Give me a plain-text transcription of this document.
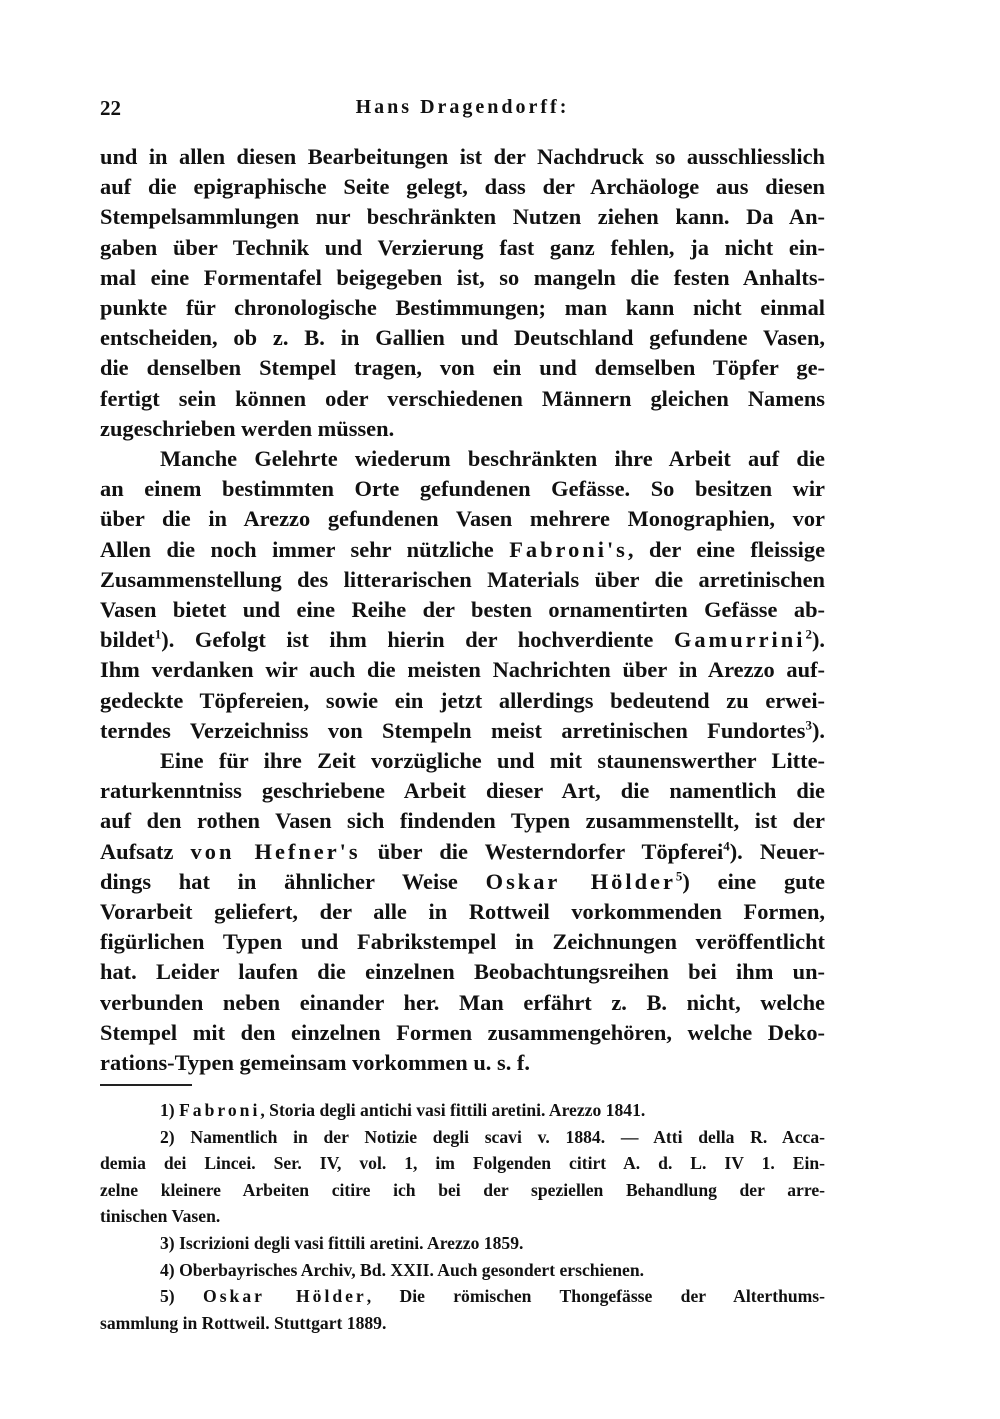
22	Hans Dragendorff:
und in allen diesen Bearbeitungen ist der Nachdruck so ausschliesslich
auf die epigraphische Seite gelegt, dass der Archäologe aus diesen
Stempelsammlungen nur beschränkten Nutzen ziehen kann. Da An-
gaben über Technik und Verzierung fast ganz fehlen, ja nicht ein-
mal eine Formentafel beigegeben ist, so mangeln die festen Anhalts-
punkte für chronologische Bestimmungen; man kann nicht einmal
entscheiden, ob z. B. in Gallien und Deutschland gefundene Vasen,
die denselben Stempel tragen, von ein und demselben Töpfer ge-
fertigt sein können oder verschiedenen Männern gleichen Namens
zugeschrieben werden müssen.
Manche Gelehrte wiederum beschränkten ihre Arbeit auf die
an einem bestimmten Orte gefundenen Gefässe. So besitzen wir
über die in Arezzo gefundenen Vasen mehrere Monographien, vor
Allen die noch immer sehr nützliche Fabroni's, der eine fleissige
Zusammenstellung des litterarischen Materials über die arretinischen
Vasen bietet und eine Reihe der besten ornamentirten Gefässe ab-
bildet$^1$). Gefolgt ist ihm hierin der hochverdiente Gamurrini$^2$).
Ihm verdanken wir auch die meisten Nachrichten über in Arezzo auf-
gedeckte Töpfereien, sowie ein jetzt allerdings bedeutend zu erwei-
terndes Verzeichniss von Stempeln meist arretinischen Fundortes$^3$).
Eine für ihre Zeit vorzügliche und mit staunenswerther Litte-
raturkenntniss geschriebene Arbeit dieser Art, die namentlich die
auf den rothen Vasen sich findenden Typen zusammenstellt, ist der
Aufsatz von Hefner's über die Westerndorfer Töpferei$^4$). Neuer-
dings hat in ähnlicher Weise Oskar Hölder$^5$) eine gute
Vorarbeit geliefert, der alle in Rottweil vorkommenden Formen,
figürlichen Typen und Fabrikstempel in Zeichnungen veröffentlicht
hat. Leider laufen die einzelnen Beobachtungsreihen bei ihm un-
verbunden neben einander her. Man erfährt z. B. nicht, welche
Stempel mit den einzelnen Formen zusammengehören, welche Deko-
rations-Typen gemeinsam vorkommen u. s. f.
1) Fabroni, Storia degli antichi vasi fittili aretini. Arezzo 1841.
2) Namentlich in der Notizie degli scavi v. 1884. — Atti della R. Acca-
demia dei Lincei. Ser. IV, vol. 1, im Folgenden citirt A. d. L. IV 1. Ein-
zelne kleinere Arbeiten citire ich bei der speziellen Behandlung der arre-
tinischen Vasen.
3) Iscrizioni degli vasi fittili aretini. Arezzo 1859.
4) Oberbayrisches Archiv, Bd. XXII. Auch gesondert erschienen.
5) Oskar Hölder, Die römischen Thongefässe der Alterthums-
sammlung in Rottweil. Stuttgart 1889.
